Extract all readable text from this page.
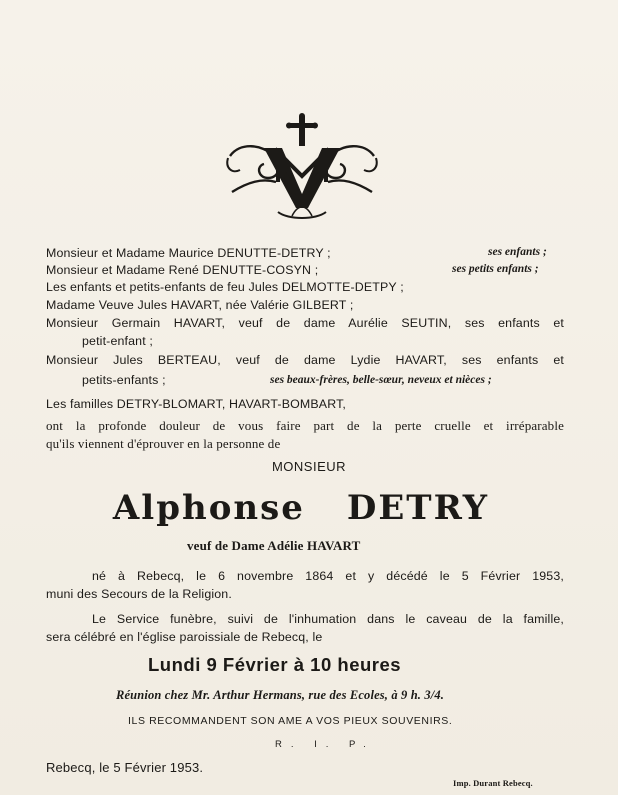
Monsieur et Madame Maurice DENUTTE-DETRY ;	ses enfants ;
Monsieur et Madame René DENUTTE-COSYN ;	ses petits enfants ;
Les enfants et petits-enfants de feu Jules DELMOTTE-DETPY ;
Madame Veuve Jules HAVART, née Valérie GILBERT ;
Monsieur Germain HAVART, veuf de dame Aurélie SEUTIN, ses enfants et
petit-enfant ;
Monsieur Jules BERTEAU, veuf de dame Lydie HAVART, ses enfants et
petits-enfants ;	ses beaux-frères, belle-sœur, neveux et nièces ;
Les familles DETRY-BLOMART, HAVART-BOMBART,
ont la profonde douleur de vous faire part de la perte cruelle et irréparable
qu'ils viennent d'éprouver en la personne de
MONSIEUR
Alphonse DETRY
veuf de Dame Adélie HAVART
né à Rebecq, le 6 novembre 1864 et y décédé le 5 Février 1953,
muni des Secours de la Religion.
Le Service funèbre, suivi de l'inhumation dans le caveau de la famille,
sera célébré en l'église paroissiale de Rebecq, le
Lundi 9 Février à 10 heures
Réunion chez Mr. Arthur Hermans, rue des Ecoles, à 9 h. 3/4.
ILS RECOMMANDENT SON AME A VOS PIEUX SOUVENIRS.
R. I. P.
Rebecq, le 5 Février 1953.
Imp. Durant Rebecq.
